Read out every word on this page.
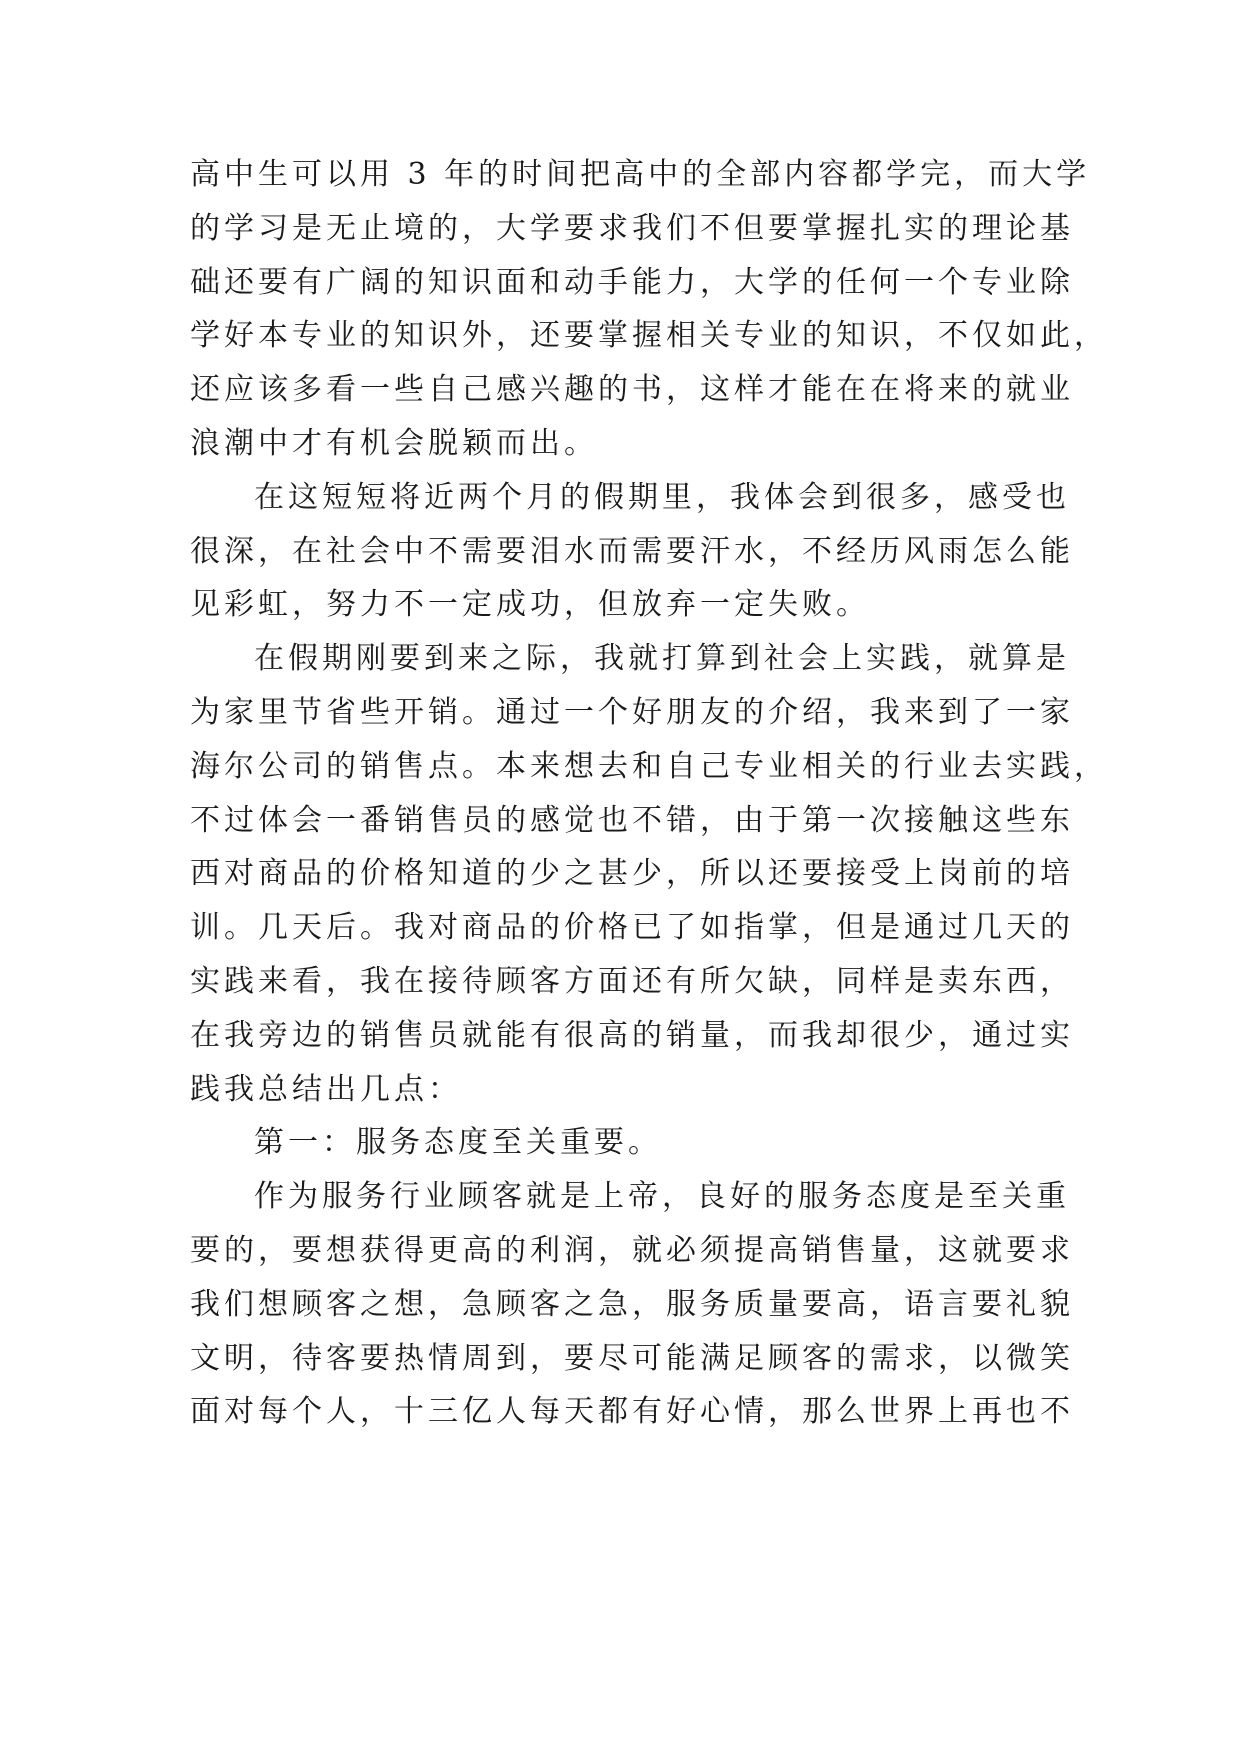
高中生可以用 3 年的时间把高中的全部内容都学完，而大学
的学习是无止境的，大学要求我们不但要掌握扎实的理论基
础还要有广阔的知识面和动手能力，大学的任何一个专业除
学好本专业的知识外，还要掌握相关专业的知识，不仅如此，
还应该多看一些自己感兴趣的书，这样才能在在将来的就业
浪潮中才有机会脱颖而出。
在这短短将近两个月的假期里，我体会到很多，感受也
很深，在社会中不需要泪水而需要汗水，不经历风雨怎么能
见彩虹，努力不一定成功，但放弃一定失败。
在假期刚要到来之际，我就打算到社会上实践，就算是
为家里节省些开销。通过一个好朋友的介绍，我来到了一家
海尔公司的销售点。本来想去和自己专业相关的行业去实践，
不过体会一番销售员的感觉也不错，由于第一次接触这些东
西对商品的价格知道的少之甚少，所以还要接受上岗前的培
训。几天后。我对商品的价格已了如指掌，但是通过几天的
实践来看，我在接待顾客方面还有所欠缺，同样是卖东西，
在我旁边的销售员就能有很高的销量，而我却很少，通过实
践我总结出几点：
第一：服务态度至关重要。
作为服务行业顾客就是上帝，良好的服务态度是至关重
要的，要想获得更高的利润，就必须提高销售量，这就要求
我们想顾客之想，急顾客之急，服务质量要高，语言要礼貌
文明，待客要热情周到，要尽可能满足顾客的需求，以微笑
面对每个人，十三亿人每天都有好心情，那么世界上再也不
